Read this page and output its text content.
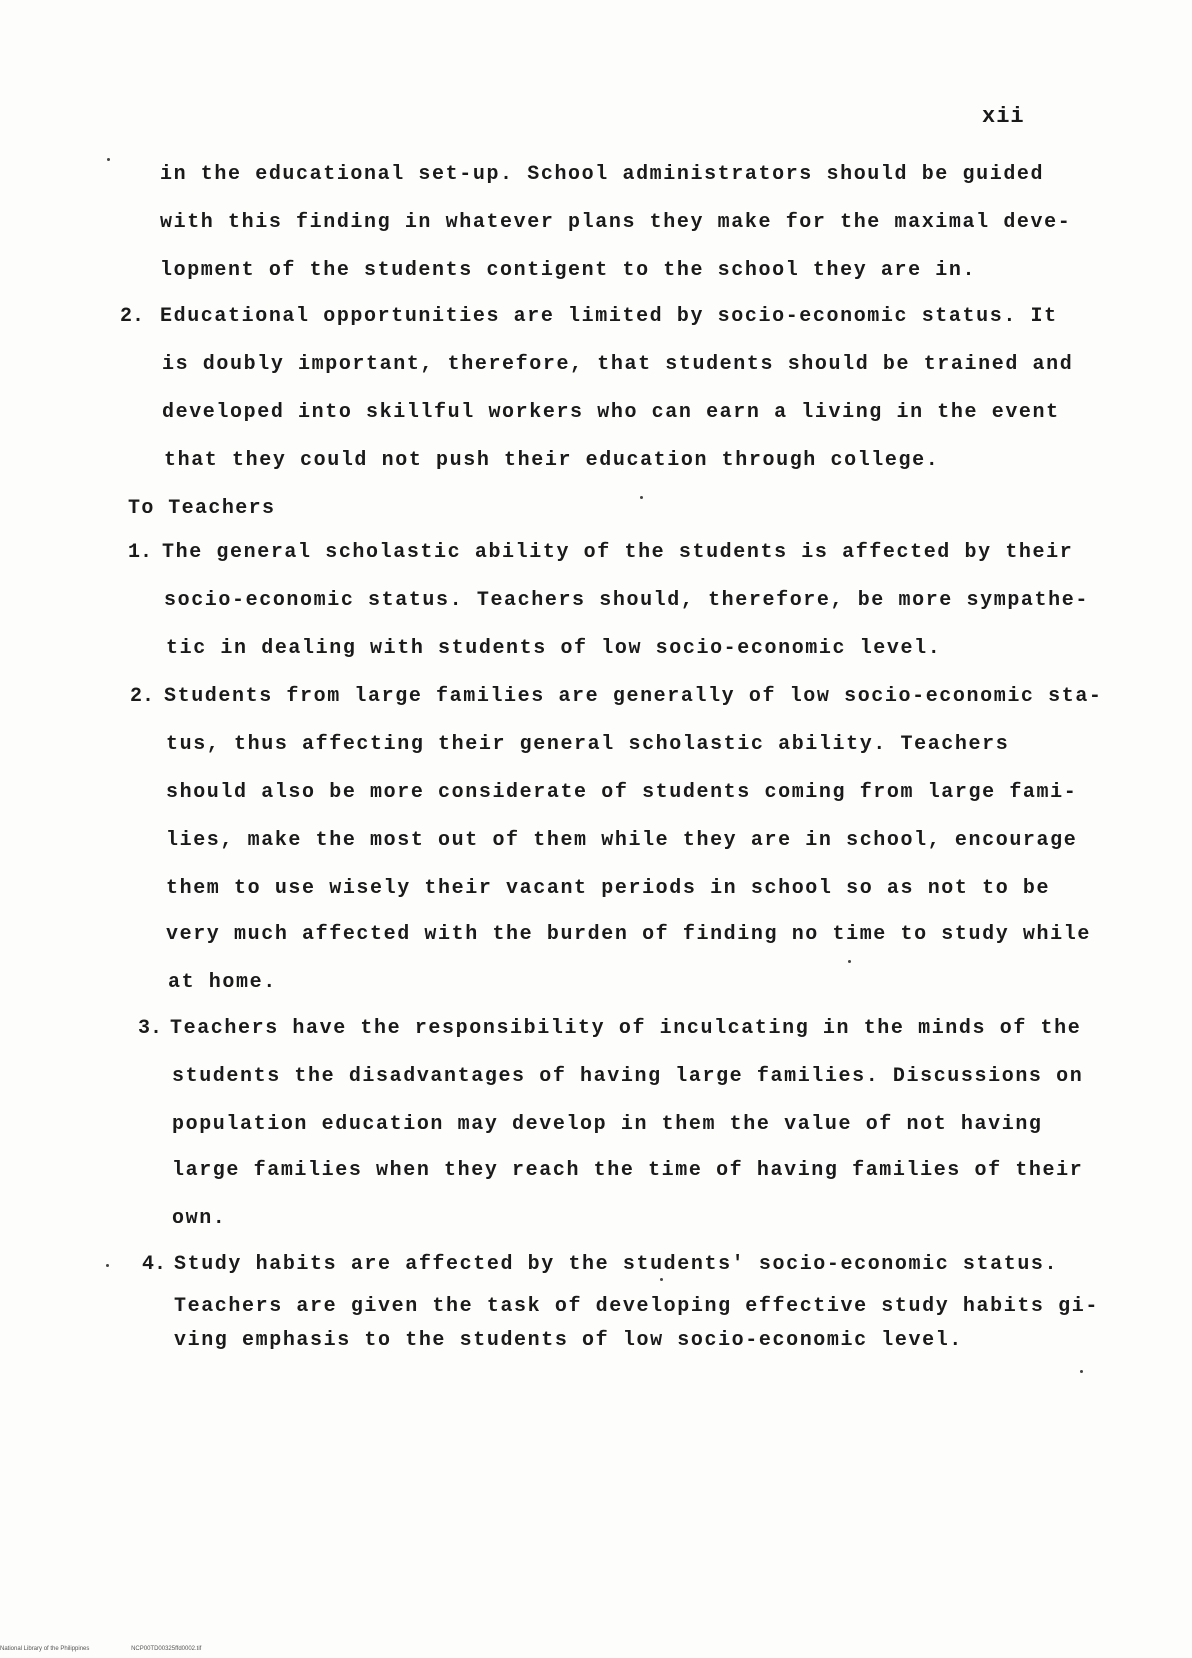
xii
in the educational set-up. School administrators should be guided
with this finding in whatever plans they make for the maximal deve-
lopment of the students contigent to the school they are in.
2. Educational opportunities are limited by socio-economic status. It
is doubly important, therefore, that students should be trained and
developed into skillful workers who can earn a living in the event
that they could not push their education through college.
To Teachers
1. The general scholastic ability of the students is affected by their
socio-economic status. Teachers should, therefore, be more sympathe-
tic in dealing with students of low socio-economic level.
2. Students from large families are generally of low socio-economic sta-
tus, thus affecting their general scholastic ability. Teachers
should also be more considerate of students coming from large fami-
lies, make the most out of them while they are in school, encourage
them to use wisely their vacant periods in school so as not to be
very much affected with the burden of finding no time to study while
at home.
3. Teachers have the responsibility of inculcating in the minds of the
students the disadvantages of having large families. Discussions on
population education may develop in them the value of not having
large families when they reach the time of having families of their
own.
4. Study habits are affected by the students' socio-economic status.
Teachers are given the task of developing effective study habits gi-
ving emphasis to the students of low socio-economic level.
National Library of the Philippines	NCP00TD00325ffd0002.tif
